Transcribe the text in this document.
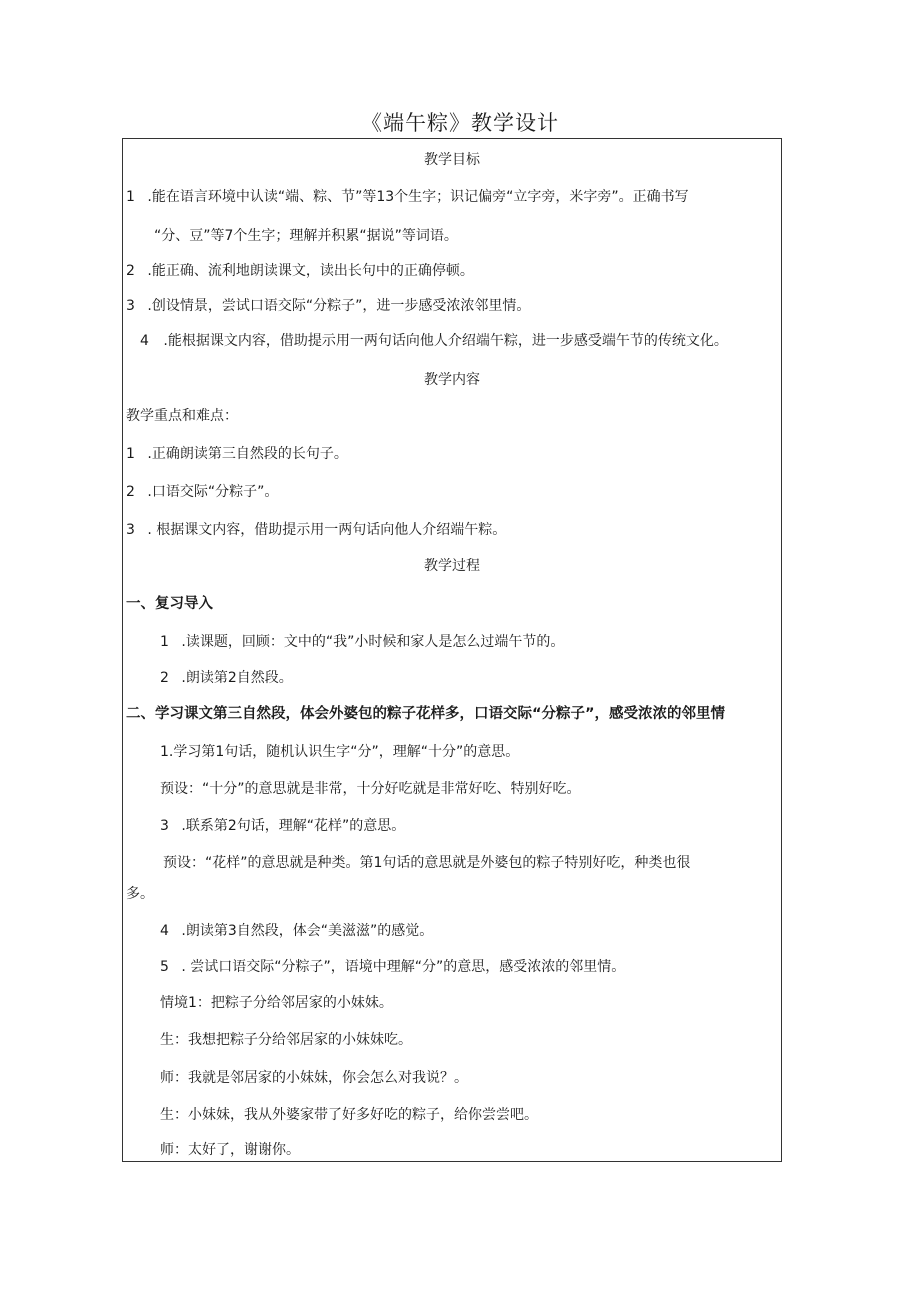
《端午粽》教学设计
教学目标
1 .能在语言环境中认读“端、粽、节”等13个生字；识记偏旁“立字旁，米字旁”。正确书写
“分、豆”等7个生字；理解并积累“据说”等词语。
2 .能正确、流利地朗读课文，读出长句中的正确停顿。
3 .创设情景，尝试口语交际“分粽子”，进一步感受浓浓邻里情。
4 .能根据课文内容，借助提示用一两句话向他人介绍端午粽，进一步感受端午节的传统文化。
教学内容
教学重点和难点：
1 .正确朗读第三自然段的长句子。
2 .口语交际“分粽子”。
3 . 根据课文内容，借助提示用一两句话向他人介绍端午粽。
教学过程
一、复习导入
1 .读课题，回顾：文中的“我”小时候和家人是怎么过端午节的。
2 .朗读第2自然段。
二、学习课文第三自然段，体会外婆包的粽子花样多，口语交际“分粽子”，感受浓浓的邻里情
1.学习第1句话，随机认识生字“分”，理解“十分”的意思。
预设：“十分”的意思就是非常，十分好吃就是非常好吃、特别好吃。
3 .联系第2句话，理解“花样”的意思。
预设：“花样”的意思就是种类。第1句话的意思就是外婆包的粽子特别好吃，种类也很
多。
4 .朗读第3自然段，体会“美滋滋”的感觉。
5 . 尝试口语交际“分粽子”，语境中理解“分”的意思，感受浓浓的邻里情。
情境1：把粽子分给邻居家的小妹妹。
生：我想把粽子分给邻居家的小妹妹吃。
师：我就是邻居家的小妹妹，你会怎么对我说？。
生：小妹妹，我从外婆家带了好多好吃的粽子，给你尝尝吧。
师：太好了，谢谢你。
